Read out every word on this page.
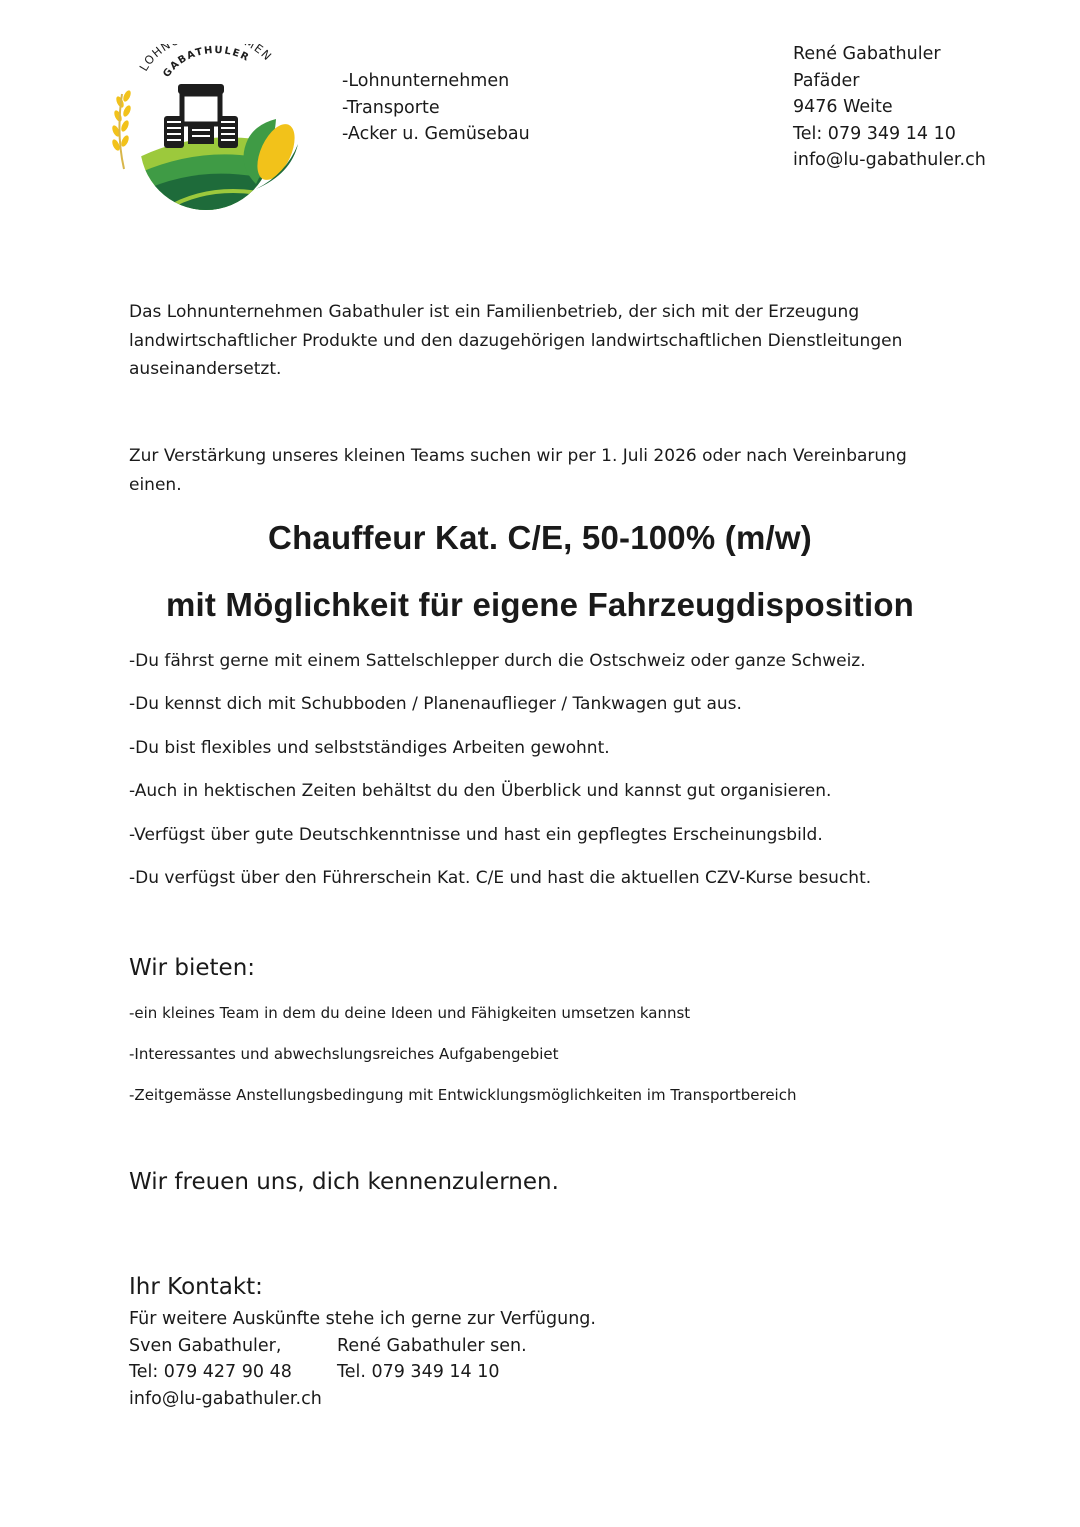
LOHN EN
GABATHULER
-Lohnunternehmen
-Transporte
-Acker u. Gemüsebau
René Gabathuler
Pafäder
9476 Weite
Tel: 079 349 14 10
info@lu-gabathuler.ch
Das Lohnunternehmen Gabathuler ist ein Familienbetrieb, der sich mit der Erzeugung
landwirtschaftlicher Produkte und den dazugehörigen landwirtschaftlichen Dienstleitungen
auseinandersetzt.
Zur Verstärkung unseres kleinen Teams suchen wir per 1. Juli 2026 oder nach Vereinbarung
einen.
Chauffeur Kat. C/E, 50-100% (m/w)
mit Möglichkeit für eigene Fahrzeugdisposition
-Du fährst gerne mit einem Sattelschlepper durch die Ostschweiz oder ganze Schweiz.
-Du kennst dich mit Schubboden / Planenauflieger / Tankwagen gut aus.
-Du bist flexibles und selbstständiges Arbeiten gewohnt.
-Auch in hektischen Zeiten behältst du den Überblick und kannst gut organisieren.
-Verfügst über gute Deutschkenntnisse und hast ein gepflegtes Erscheinungsbild.
-Du verfügst über den Führerschein Kat. C/E und hast die aktuellen CZV-Kurse besucht.
Wir bieten:
-ein kleines Team in dem du deine Ideen und Fähigkeiten umsetzen kannst
-Interessantes und abwechslungsreiches Aufgabengebiet
-Zeitgemässe Anstellungsbedingung mit Entwicklungsmöglichkeiten im Transportbereich
Wir freuen uns, dich kennenzulernen.
Ihr Kontakt:
Für weitere Auskünfte stehe ich gerne zur Verfügung.
Sven Gabathuler,	René Gabathuler sen.
Tel: 079 427 90 48	Tel. 079 349 14 10
info@lu-gabathuler.ch
